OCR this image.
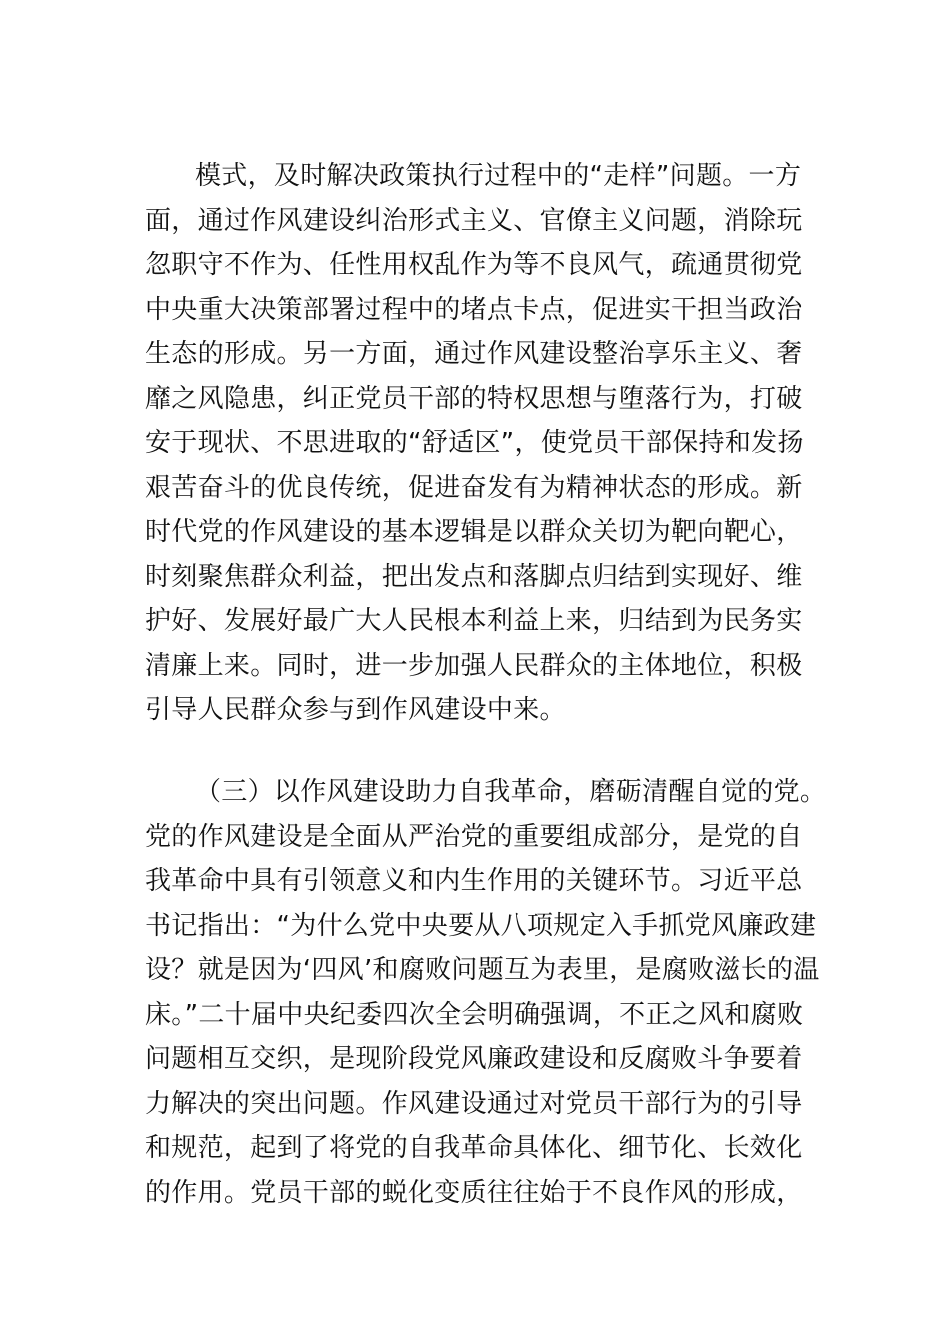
模式，及时解决政策执行过程中的“走样”问题。一方
面，通过作风建设纠治形式主义、官僚主义问题，消除玩
忽职守不作为、任性用权乱作为等不良风气，疏通贯彻党
中央重大决策部署过程中的堵点卡点，促进实干担当政治
生态的形成。另一方面，通过作风建设整治享乐主义、奢
靡之风隐患，纠正党员干部的特权思想与堕落行为，打破
安于现状、不思进取的“舒适区”，使党员干部保持和发扬
艰苦奋斗的优良传统，促进奋发有为精神状态的形成。新
时代党的作风建设的基本逻辑是以群众关切为靶向靶心，
时刻聚焦群众利益，把出发点和落脚点归结到实现好、维
护好、发展好最广大人民根本利益上来，归结到为民务实
清廉上来。同时，进一步加强人民群众的主体地位，积极
引导人民群众参与到作风建设中来。
（三）以作风建设助力自我革命，磨砺清醒自觉的党。
党的作风建设是全面从严治党的重要组成部分，是党的自
我革命中具有引领意义和内生作用的关键环节。习近平总
书记指出：“为什么党中央要从八项规定入手抓党风廉政建
设？就是因为‘四风’和腐败问题互为表里，是腐败滋长的温
床。”二十届中央纪委四次全会明确强调，不正之风和腐败
问题相互交织，是现阶段党风廉政建设和反腐败斗争要着
力解决的突出问题。作风建设通过对党员干部行为的引导
和规范，起到了将党的自我革命具体化、细节化、长效化
的作用。党员干部的蜕化变质往往始于不良作风的形成，
